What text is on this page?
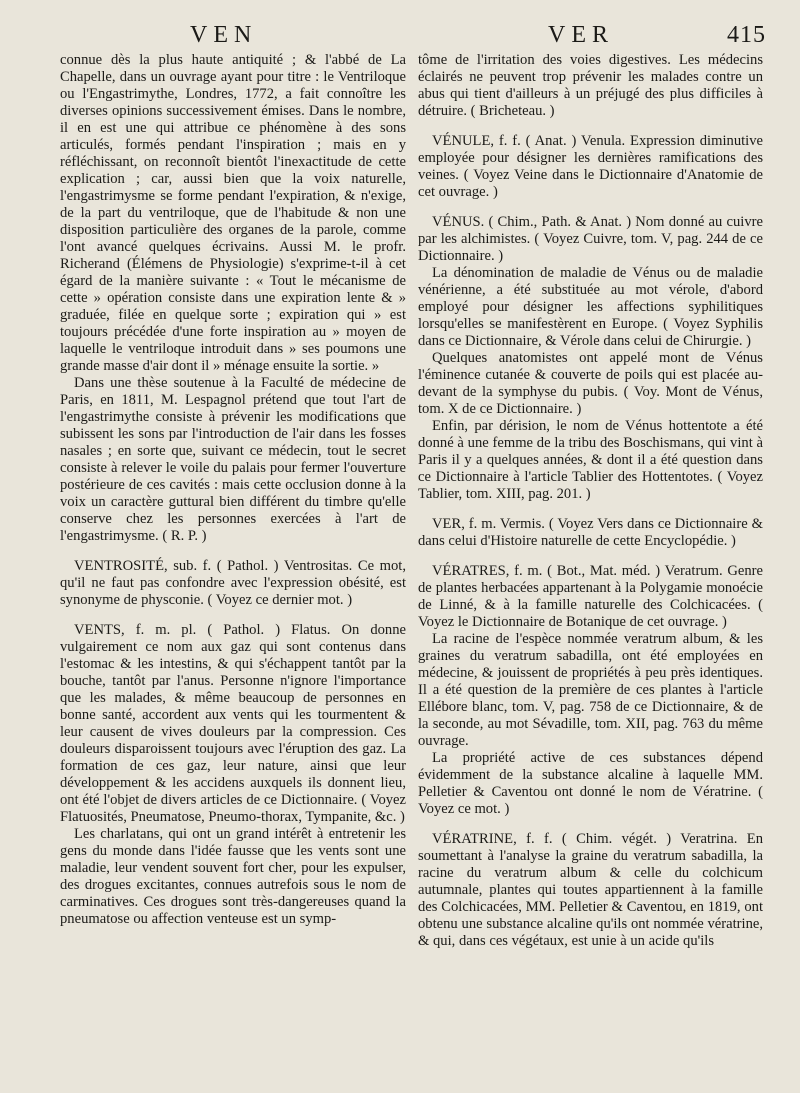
VEN	VER	415

connue dès la plus haute antiquité ; & l'abbé de La Chapelle, dans un ouvrage ayant pour titre : le Ventriloque ou l'Engastrimythe, Londres, 1772, a fait connoître les diverses opinions successivement émises. Dans le nombre, il en est une qui attribue ce phénomène à des sons articulés, formés pendant l'inspiration ; mais en y réfléchissant, on reconnoît bientôt l'inexactitude de cette explication ; car, aussi bien que la voix naturelle, l'engastrimysme se forme pendant l'expiration, & n'exige, de la part du ventriloque, que de l'habitude & non une disposition particulière des organes de la parole, comme l'ont avancé quelques écrivains. Aussi M. le profr. Richerand (Élémens de Physiologie) s'exprime-t-il à cet égard de la manière suivante : « Tout le mécanisme de cette » opération consiste dans une expiration lente & » graduée, filée en quelque sorte ; expiration qui » est toujours précédée d'une forte inspiration au » moyen de laquelle le ventriloque introduit dans » ses poumons une grande masse d'air dont il » ménage ensuite la sortie. »

Dans une thèse soutenue à la Faculté de médecine de Paris, en 1811, M. Lespagnol prétend que tout l'art de l'engastrimythe consiste à prévenir les modifications que subissent les sons par l'introduction de l'air dans les fosses nasales ; en sorte que, suivant ce médecin, tout le secret consiste à relever le voile du palais pour fermer l'ouverture postérieure de ces cavités : mais cette occlusion donne à la voix un caractère guttural bien différent du timbre qu'elle conserve chez les personnes exercées à l'art de l'engastrimysme. ( R. P. )

VENTROSITÉ, sub. f. ( Pathol. ) Ventrositas. Ce mot, qu'il ne faut pas confondre avec l'expression obésité, est synonyme de physconie. ( Voyez ce dernier mot. )

VENTS, f. m. pl. ( Pathol. ) Flatus. On donne vulgairement ce nom aux gaz qui sont contenus dans l'estomac & les intestins, & qui s'échappent tantôt par la bouche, tantôt par l'anus. Personne n'ignore l'importance que les malades, & même beaucoup de personnes en bonne santé, accordent aux vents qui les tourmentent & leur causent de vives douleurs par la compression. Ces douleurs disparoissent toujours avec l'éruption des gaz. La formation de ces gaz, leur nature, ainsi que leur développement & les accidens auxquels ils donnent lieu, ont été l'objet de divers articles de ce Dictionnaire. ( Voyez Flatuosités, Pneumatose, Pneumo-thorax, Tympanite, &c. )

Les charlatans, qui ont un grand intérêt à entretenir les gens du monde dans l'idée fausse que les vents sont une maladie, leur vendent souvent fort cher, pour les expulser, des drogues excitantes, connues autrefois sous le nom de carminatives. Ces drogues sont très-dangereuses quand la pneumatose ou affection venteuse est un symp-

tôme de l'irritation des voies digestives. Les médecins éclairés ne peuvent trop prévenir les malades contre un abus qui tient d'ailleurs à un préjugé des plus difficiles à détruire. ( Bricheteau. )

VÉNULE, f. f. ( Anat. ) Venula. Expression diminutive employée pour désigner les dernières ramifications des veines. ( Voyez Veine dans le Dictionnaire d'Anatomie de cet ouvrage. )

VÉNUS. ( Chim., Path. & Anat. ) Nom donné au cuivre par les alchimistes. ( Voyez Cuivre, tom. V, pag. 244 de ce Dictionnaire. )

La dénomination de maladie de Vénus ou de maladie vénérienne, a été substituée au mot vérole, d'abord employé pour désigner les affections syphilitiques lorsqu'elles se manifestèrent en Europe. ( Voyez Syphilis dans ce Dictionnaire, & Vérole dans celui de Chirurgie. )

Quelques anatomistes ont appelé mont de Vénus l'éminence cutanée & couverte de poils qui est placée au-devant de la symphyse du pubis. ( Voy. Mont de Vénus, tom. X de ce Dictionnaire. )

Enfin, par dérision, le nom de Vénus hottentote a été donné à une femme de la tribu des Boschismans, qui vint à Paris il y a quelques années, & dont il a été question dans ce Dictionnaire à l'article Tablier des Hottentotes. ( Voyez Tablier, tom. XIII, pag. 201. )

VER, f. m. Vermis. ( Voyez Vers dans ce Dictionnaire & dans celui d'Histoire naturelle de cette Encyclopédie. )

VÉRATRES, f. m. ( Bot., Mat. méd. ) Veratrum. Genre de plantes herbacées appartenant à la Polygamie monoécie de Linné, & à la famille naturelle des Colchicacées. ( Voyez le Dictionnaire de Botanique de cet ouvrage. )

La racine de l'espèce nommée veratrum album, & les graines du veratrum sabadilla, ont été employées en médecine, & jouissent de propriétés à peu près identiques. Il a été question de la première de ces plantes à l'article Ellébore blanc, tom. V, pag. 758 de ce Dictionnaire, & de la seconde, au mot Sévadille, tom. XII, pag. 763 du même ouvrage.

La propriété active de ces substances dépend évidemment de la substance alcaline à laquelle MM. Pelletier & Caventou ont donné le nom de Vératrine. ( Voyez ce mot. )

VÉRATRINE, f. f. ( Chim. végét. ) Veratrina. En soumettant à l'analyse la graine du veratrum sabadilla, la racine du veratrum album & celle du colchicum autumnale, plantes qui toutes appartiennent à la famille des Colchicacées, MM. Pelletier & Caventou, en 1819, ont obtenu une substance alcaline qu'ils ont nommée vératrine, & qui, dans ces végétaux, est unie à un acide qu'ils
